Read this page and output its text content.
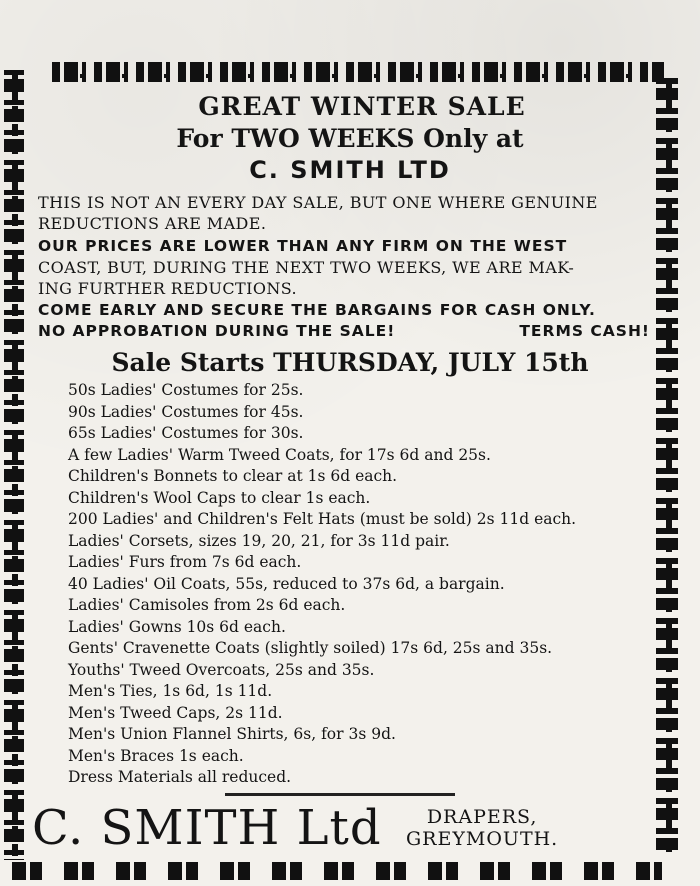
GREAT WINTER SALE
For TWO WEEKS Only at
C. SMITH LTD
THIS IS NOT AN EVERY DAY SALE, BUT ONE WHERE GENUINE
REDUCTIONS ARE MADE.
OUR PRICES ARE LOWER THAN ANY FIRM ON THE WEST
COAST, BUT, DURING THE NEXT TWO WEEKS, WE ARE MAK-
ING FURTHER REDUCTIONS.
COME EARLY AND SECURE THE BARGAINS FOR CASH ONLY.
NO APPROBATION DURING THE SALE!	TERMS CASH!
Sale Starts THURSDAY, JULY 15th
50s Ladies' Costumes for 25s.
90s Ladies' Costumes for 45s.
65s Ladies' Costumes for 30s.
A few Ladies' Warm Tweed Coats, for 17s 6d and 25s.
Children's Bonnets to clear at 1s 6d each.
Children's Wool Caps to clear 1s each.
200 Ladies' and Children's Felt Hats (must be sold) 2s 11d each.
Ladies' Corsets, sizes 19, 20, 21, for 3s 11d pair.
Ladies' Furs from 7s 6d each.
40 Ladies' Oil Coats, 55s, reduced to 37s 6d, a bargain.
Ladies' Camisoles from 2s 6d each.
Ladies' Gowns 10s 6d each.
Gents' Cravenette Coats (slightly soiled) 17s 6d, 25s and 35s.
Youths' Tweed Overcoats, 25s and 35s.
Men's Ties, 1s 6d, 1s 11d.
Men's Tweed Caps, 2s 11d.
Men's Union Flannel Shirts, 6s, for 3s 9d.
Men's Braces 1s each.
Dress Materials all reduced.
C. SMITH Ltd	DRAPERS,
GREYMOUTH.
